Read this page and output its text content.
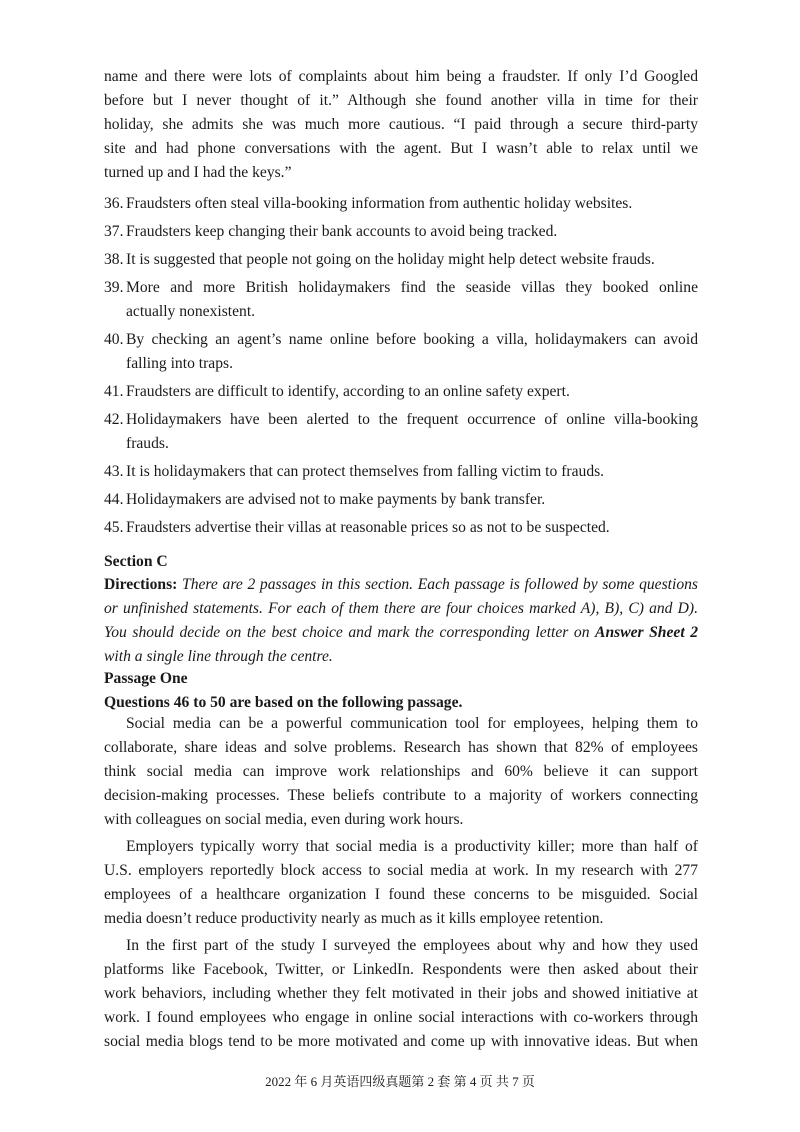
name and there were lots of complaints about him being a fraudster. If only I’d Googled
before but I never thought of it.” Although she found another villa in time for their
holiday, she admits she was much more cautious. “I paid through a secure third-party
site and had phone conversations with the agent. But I wasn’t able to relax until we
turned up and I had the keys.”
36. Fraudsters often steal villa-booking information from authentic holiday websites.
37. Fraudsters keep changing their bank accounts to avoid being tracked.
38. It is suggested that people not going on the holiday might help detect website frauds.
39. More and more British holidaymakers find the seaside villas they booked online
actually nonexistent.
40. By checking an agent’s name online before booking a villa, holidaymakers can avoid
falling into traps.
41. Fraudsters are difficult to identify, according to an online safety expert.
42. Holidaymakers have been alerted to the frequent occurrence of online villa-booking
frauds.
43. It is holidaymakers that can protect themselves from falling victim to frauds.
44. Holidaymakers are advised not to make payments by bank transfer.
45. Fraudsters advertise their villas at reasonable prices so as not to be suspected.
Section C
Directions: There are 2 passages in this section. Each passage is followed by some questions
or unfinished statements. For each of them there are four choices marked A), B), C) and D).
You should decide on the best choice and mark the corresponding letter on Answer Sheet 2
with a single line through the centre.
Passage One
Questions 46 to 50 are based on the following passage.
Social media can be a powerful communication tool for employees, helping them to
collaborate, share ideas and solve problems. Research has shown that 82% of employees
think social media can improve work relationships and 60% believe it can support
decision-making processes. These beliefs contribute to a majority of workers connecting
with colleagues on social media, even during work hours.
Employers typically worry that social media is a productivity killer; more than half of
U.S. employers reportedly block access to social media at work. In my research with 277
employees of a healthcare organization I found these concerns to be misguided. Social
media doesn’t reduce productivity nearly as much as it kills employee retention.
In the first part of the study I surveyed the employees about why and how they used
platforms like Facebook, Twitter, or LinkedIn. Respondents were then asked about their
work behaviors, including whether they felt motivated in their jobs and showed initiative at
work. I found employees who engage in online social interactions with co-workers through
social media blogs tend to be more motivated and come up with innovative ideas. But when
2022 年 6 月英语四级真题第 2 套 第 4 页 共 7 页
